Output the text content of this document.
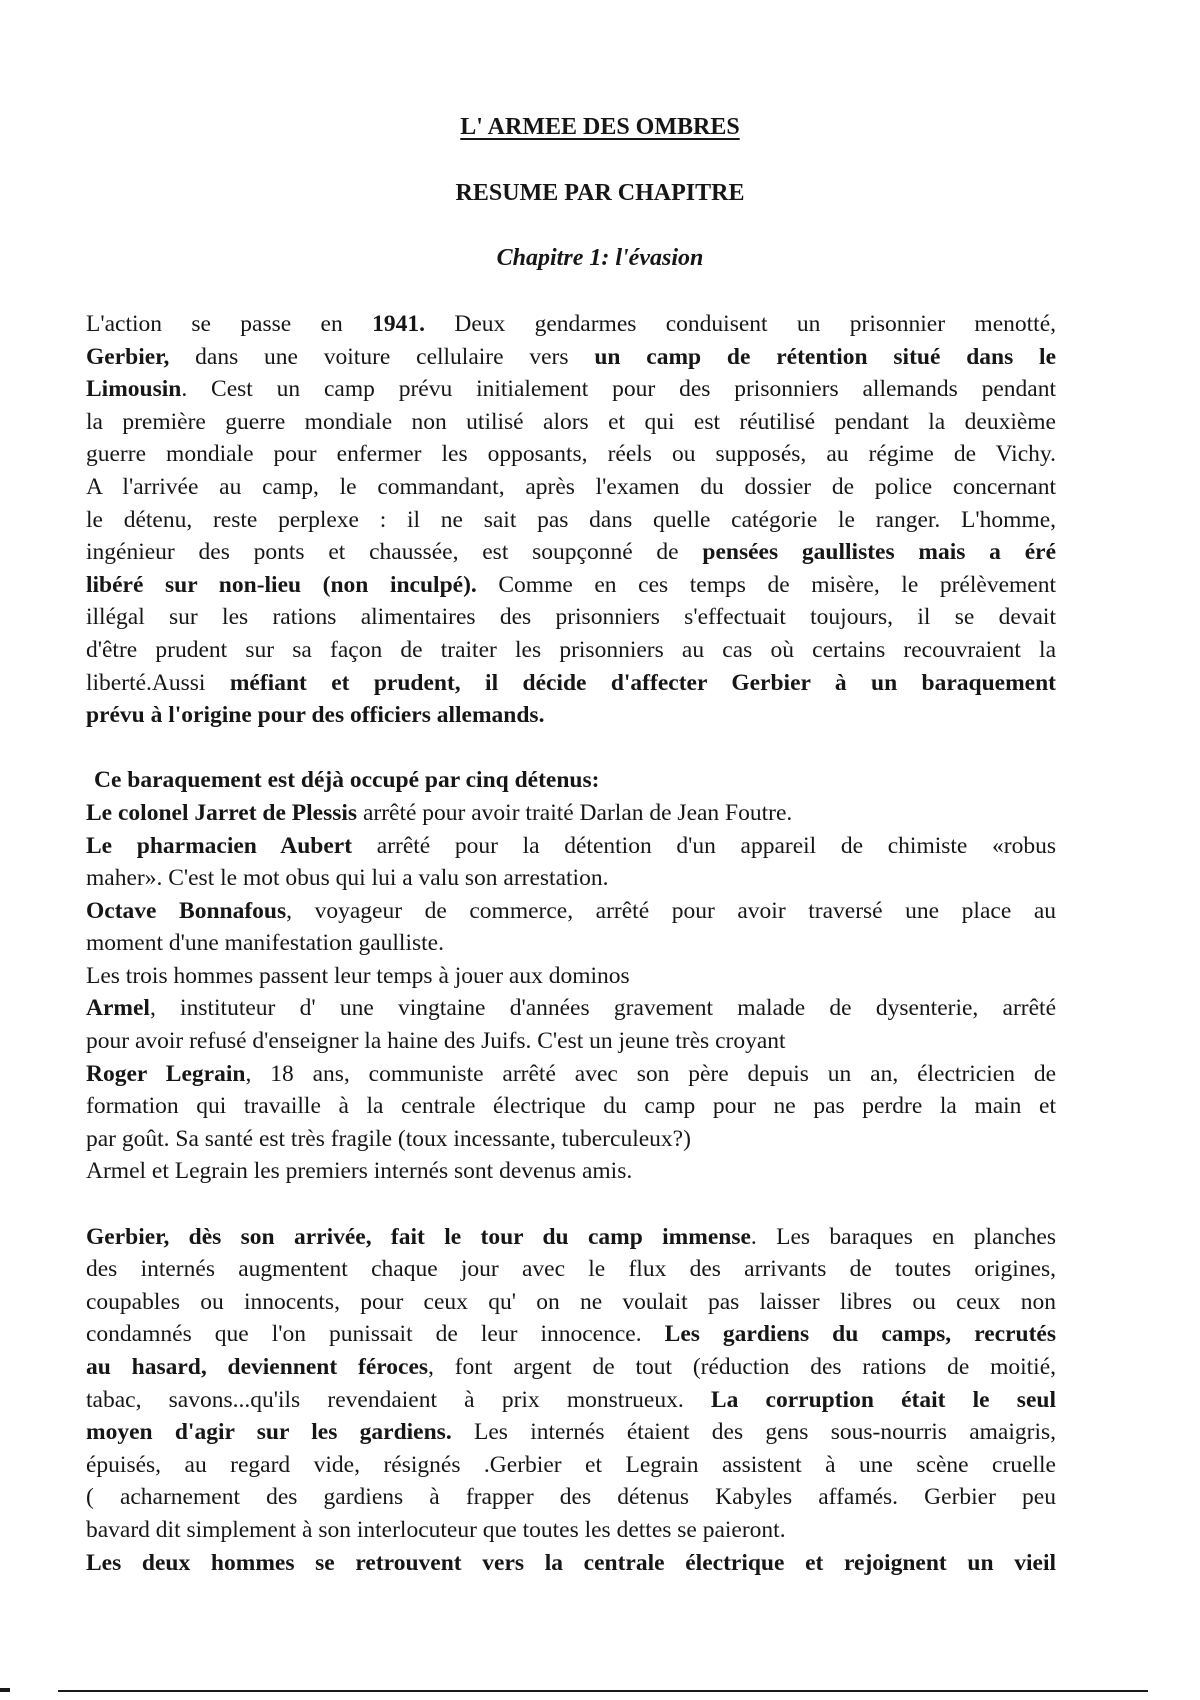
L' ARMEE DES OMBRES
RESUME PAR CHAPITRE
Chapitre 1: l'évasion
L'action se passe en 1941. Deux gendarmes conduisent un prisonnier menotté,
Gerbier, dans une voiture cellulaire vers un camp de rétention situé dans le
Limousin. Cest un camp prévu initialement pour des prisonniers allemands pendant
la première guerre mondiale non utilisé alors et qui est réutilisé pendant la deuxième
guerre mondiale pour enfermer les opposants, réels ou supposés, au régime de Vichy.
A l'arrivée au camp, le commandant, après l'examen du dossier de police concernant
le détenu, reste perplexe : il ne sait pas dans quelle catégorie le ranger. L'homme,
ingénieur des ponts et chaussée, est soupçonné de pensées gaullistes mais a éré
libéré sur non-lieu (non inculpé). Comme en ces temps de misère, le prélèvement
illégal sur les rations alimentaires des prisonniers s'effectuait toujours, il se devait
d'être prudent sur sa façon de traiter les prisonniers au cas où certains recouvraient la
liberté.Aussi méfiant et prudent, il décide d'affecter Gerbier à un baraquement
prévu à l'origine pour des officiers allemands.
Ce baraquement est déjà occupé par cinq détenus:
Le colonel Jarret de Plessis arrêté pour avoir traité Darlan de Jean Foutre.
Le pharmacien Aubert arrêté pour la détention d'un appareil de chimiste «robus
maher». C'est le mot obus qui lui a valu son arrestation.
Octave Bonnafous, voyageur de commerce, arrêté pour avoir traversé une place au
moment d'une manifestation gaulliste.
Les trois hommes passent leur temps à jouer aux dominos
Armel, instituteur d' une vingtaine d'années gravement malade de dysenterie, arrêté
pour avoir refusé d'enseigner la haine des Juifs. C'est un jeune très croyant
Roger Legrain, 18 ans, communiste arrêté avec son père depuis un an, électricien de
formation qui travaille à la centrale électrique du camp pour ne pas perdre la main et
par goût. Sa santé est très fragile (toux incessante, tuberculeux?)
Armel et Legrain les premiers internés sont devenus amis.
Gerbier, dès son arrivée, fait le tour du camp immense. Les baraques en planches
des internés augmentent chaque jour avec le flux des arrivants de toutes origines,
coupables ou innocents, pour ceux qu' on ne voulait pas laisser libres ou ceux non
condamnés que l'on punissait de leur innocence. Les gardiens du camps, recrutés
au hasard, deviennent féroces, font argent de tout (réduction des rations de moitié,
tabac, savons...qu'ils revendaient à prix monstrueux. La corruption était le seul
moyen d'agir sur les gardiens. Les internés étaient des gens sous-nourris amaigris,
épuisés, au regard vide, résignés .Gerbier et Legrain assistent à une scène cruelle
( acharnement des gardiens à frapper des détenus Kabyles affamés. Gerbier peu
bavard dit simplement à son interlocuteur que toutes les dettes se paieront.
Les deux hommes se retrouvent vers la centrale électrique et rejoignent un vieil
